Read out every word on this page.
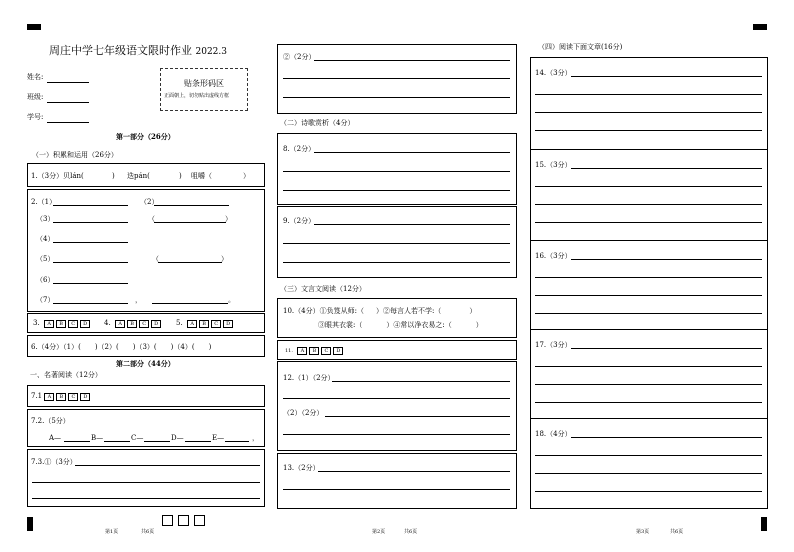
周庄中学七年级语文限时作业 2022.3
姓名:
班级:
学号:
贴条形码区
正面朝上，切勿贴出虚线方框
第一部分（26分）
（一）积累和运用（26分）
1.（3分）贝lán(	) 迭pán(	) 咀嚼（	）
2.（1）	（2）
（3）	（	）
（4）
（5）	（	）
（6）
（7）	，	。
3. A B C D	4. A B C D	5. A B C D
6.（4分）（1）( )（2）( )（3）( )（4）( )
第二部分（44分）
一、名著阅读（12分）
7.1 A B C D
7.2.（5分）
A—	B—	C—	D—	E—	，
7.3.①（3分）
第1页	共6页
②（2分）
（二）诗歌赏析（4分）
8.（2分）
9.（2分）
（三）文言文阅读（12分）
10.（4分）①负笈从师:（ ）②每言人若不学:（	）
③眼其衣裳:（	）④常以净衣易之:（	）
11. A B C D
12.（1）（2分）
（2）（2分）
13.（2分）
第2页	共6页
（四）阅读下面文章(16分)
14.（3分）
15.（3分）
16.（3分）
17.（3分）
18.（4分）
第3页	共6页
